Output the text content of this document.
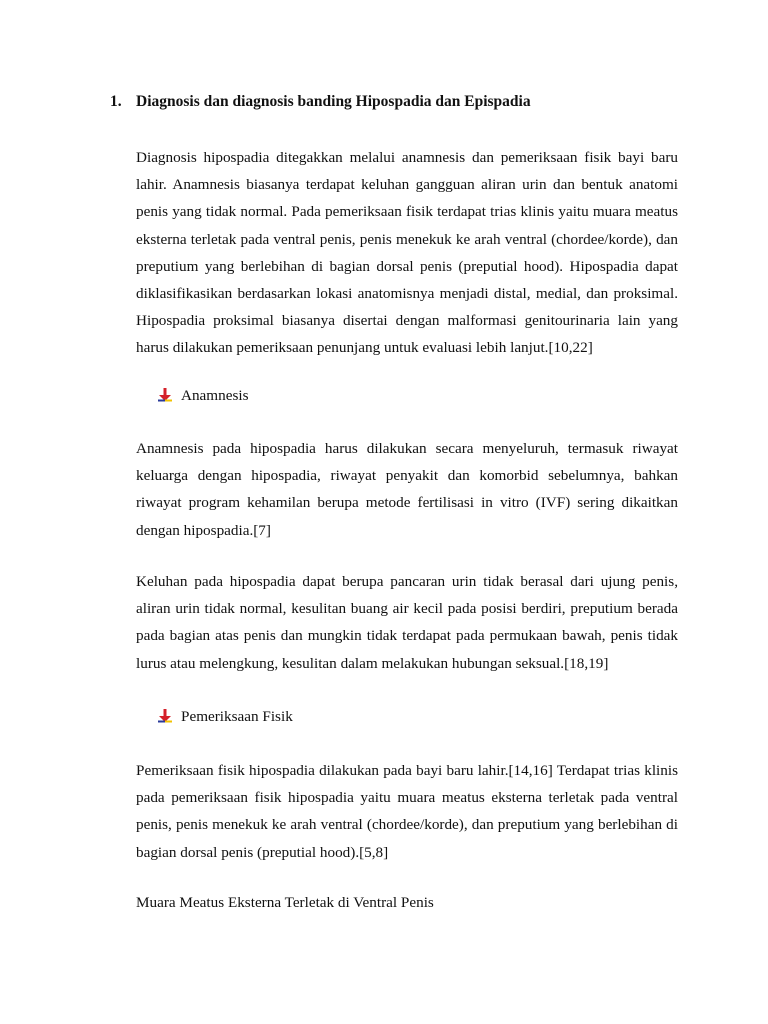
1. Diagnosis dan diagnosis banding Hipospadia dan Epispadia

Diagnosis hipospadia ditegakkan melalui anamnesis dan pemeriksaan fisik bayi baru lahir. Anamnesis biasanya terdapat keluhan gangguan aliran urin dan bentuk anatomi penis yang tidak normal. Pada pemeriksaan fisik terdapat trias klinis yaitu muara meatus eksterna terletak pada ventral penis, penis menekuk ke arah ventral (chordee/korde), dan preputium yang berlebihan di bagian dorsal penis (preputial hood). Hipospadia dapat diklasifikasikan berdasarkan lokasi anatomisnya menjadi distal, medial, dan proksimal. Hipospadia proksimal biasanya disertai dengan malformasi genitourinaria lain yang harus dilakukan pemeriksaan penunjang untuk evaluasi lebih lanjut.[10,22]

Anamnesis

Anamnesis pada hipospadia harus dilakukan secara menyeluruh, termasuk riwayat keluarga dengan hipospadia, riwayat penyakit dan komorbid sebelumnya, bahkan riwayat program kehamilan berupa metode fertilisasi in vitro (IVF) sering dikaitkan dengan hipospadia.[7]

Keluhan pada hipospadia dapat berupa pancaran urin tidak berasal dari ujung penis, aliran urin tidak normal, kesulitan buang air kecil pada posisi berdiri, preputium berada pada bagian atas penis dan mungkin tidak terdapat pada permukaan bawah, penis tidak lurus atau melengkung, kesulitan dalam melakukan hubungan seksual.[18,19]

Pemeriksaan Fisik

Pemeriksaan fisik hipospadia dilakukan pada bayi baru lahir.[14,16] Terdapat trias klinis pada pemeriksaan fisik hipospadia yaitu muara meatus eksterna terletak pada ventral penis, penis menekuk ke arah ventral (chordee/korde), dan preputium yang berlebihan di bagian dorsal penis (preputial hood).[5,8]

Muara Meatus Eksterna Terletak di Ventral Penis
